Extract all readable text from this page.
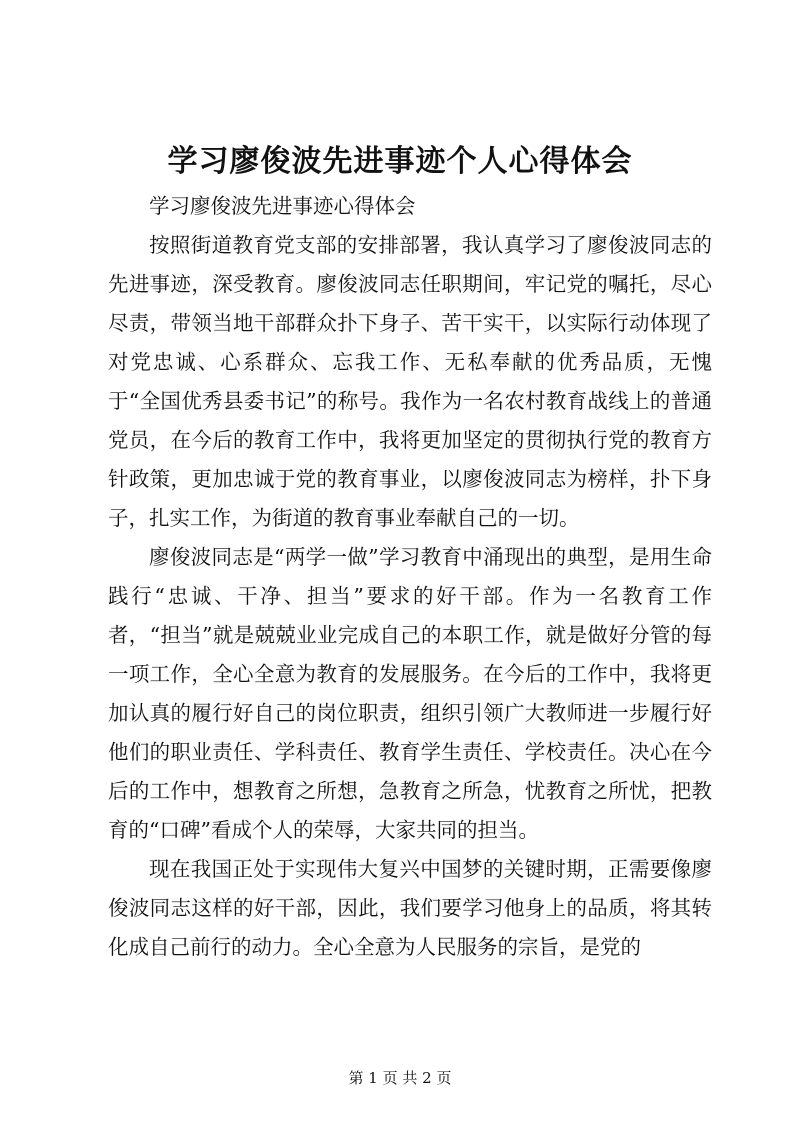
学习廖俊波先进事迹个人心得体会

学习廖俊波先进事迹心得体会

按照街道教育党支部的安排部署，我认真学习了廖俊波同志的先进事迹，深受教育。廖俊波同志任职期间，牢记党的嘱托，尽心尽责，带领当地干部群众扑下身子、苦干实干，以实际行动体现了对党忠诚、心系群众、忘我工作、无私奉献的优秀品质，无愧于“全国优秀县委书记”的称号。我作为一名农村教育战线上的普通党员，在今后的教育工作中，我将更加坚定的贯彻执行党的教育方针政策，更加忠诚于党的教育事业，以廖俊波同志为榜样，扑下身子，扎实工作，为街道的教育事业奉献自己的一切。

廖俊波同志是“两学一做”学习教育中涌现出的典型，是用生命践行“忠诚、干净、担当”要求的好干部。作为一名教育工作者，“担当”就是兢兢业业完成自己的本职工作，就是做好分管的每一项工作，全心全意为教育的发展服务。在今后的工作中，我将更加认真的履行好自己的岗位职责，组织引领广大教师进一步履行好他们的职业责任、学科责任、教育学生责任、学校责任。决心在今后的工作中，想教育之所想，急教育之所急，忧教育之所忧，把教育的“口碑”看成个人的荣辱，大家共同的担当。

现在我国正处于实现伟大复兴中国梦的关键时期，正需要像廖俊波同志这样的好干部，因此，我们要学习他身上的品质，将其转化成自己前行的动力。全心全意为人民服务的宗旨，是党的

第 1 页 共 2 页
